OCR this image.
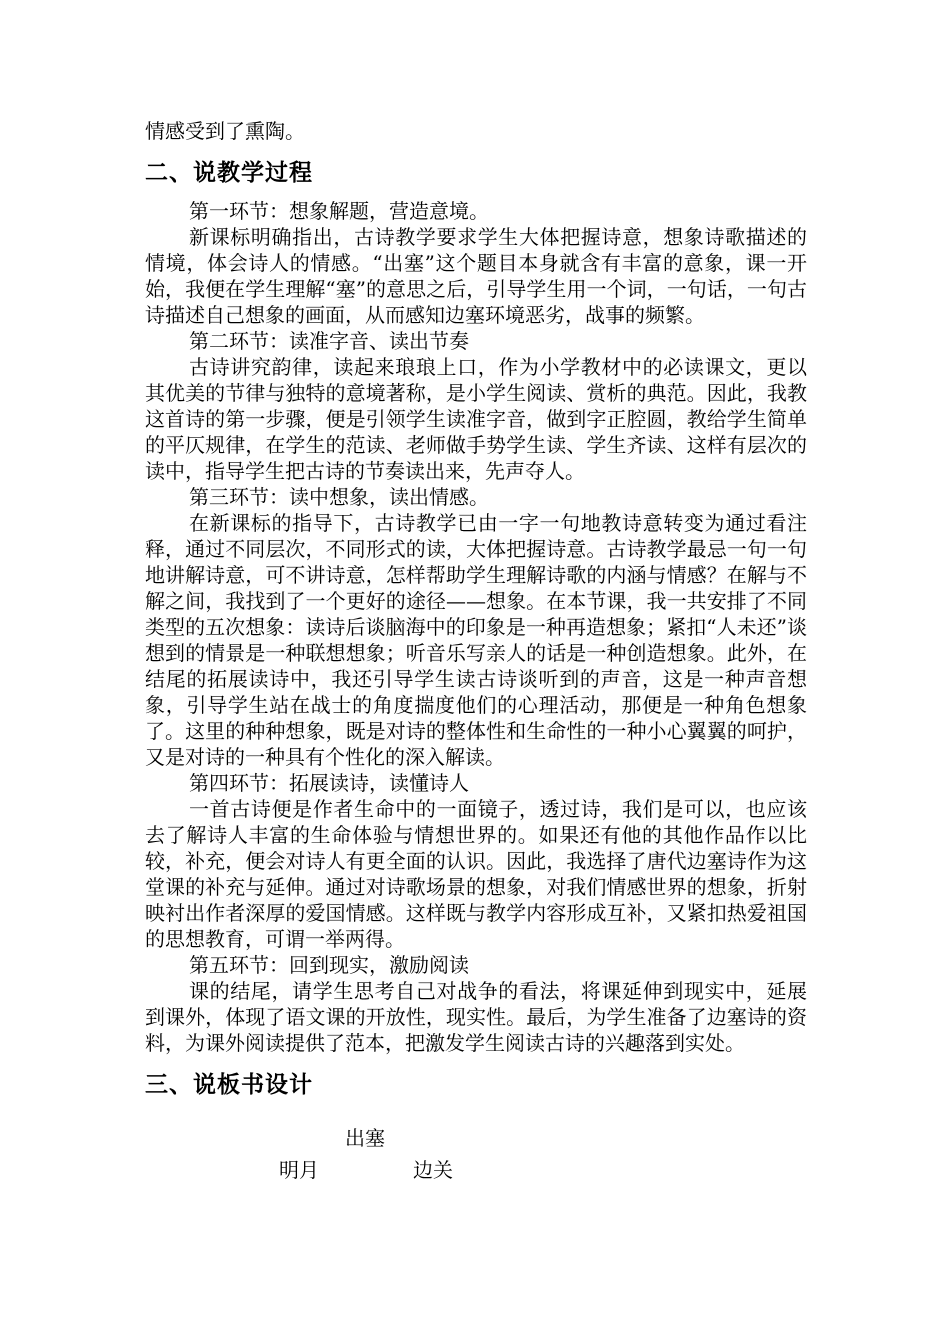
情感受到了熏陶。

二、说教学过程

第一环节：想象解题，营造意境。

新课标明确指出，古诗教学要求学生大体把握诗意，想象诗歌描述的情境，体会诗人的情感。“出塞”这个题目本身就含有丰富的意象，课一开始，我便在学生理解“塞”的意思之后，引导学生用一个词，一句话，一句古诗描述自己想象的画面，从而感知边塞环境恶劣，战事的频繁。

第二环节：读准字音、读出节奏

古诗讲究韵律，读起来琅琅上口，作为小学教材中的必读课文，更以其优美的节律与独特的意境著称，是小学生阅读、赏析的典范。因此，我教这首诗的第一步骤，便是引领学生读准字音，做到字正腔圆，教给学生简单的平仄规律，在学生的范读、老师做手势学生读、学生齐读、这样有层次的读中，指导学生把古诗的节奏读出来，先声夺人。

第三环节：读中想象，读出情感。

在新课标的指导下，古诗教学已由一字一句地教诗意转变为通过看注释，通过不同层次，不同形式的读，大体把握诗意。古诗教学最忌一句一句地讲解诗意，可不讲诗意，怎样帮助学生理解诗歌的内涵与情感？在解与不解之间，我找到了一个更好的途径——想象。在本节课，我一共安排了不同类型的五次想象：读诗后谈脑海中的印象是一种再造想象；紧扣“人未还”谈想到的情景是一种联想想象；听音乐写亲人的话是一种创造想象。此外，在结尾的拓展读诗中，我还引导学生读古诗谈听到的声音，这是一种声音想象，引导学生站在战士的角度揣度他们的心理活动，那便是一种角色想象了。这里的种种想象，既是对诗的整体性和生命性的一种小心翼翼的呵护，又是对诗的一种具有个性化的深入解读。

第四环节：拓展读诗，读懂诗人

一首古诗便是作者生命中的一面镜子，透过诗，我们是可以，也应该去了解诗人丰富的生命体验与情想世界的。如果还有他的其他作品作以比较，补充，便会对诗人有更全面的认识。因此，我选择了唐代边塞诗作为这堂课的补充与延伸。通过对诗歌场景的想象，对我们情感世界的想象，折射映衬出作者深厚的爱国情感。这样既与教学内容形成互补，又紧扣热爱祖国的思想教育，可谓一举两得。

第五环节：回到现实，激励阅读

课的结尾，请学生思考自己对战争的看法，将课延伸到现实中，延展到课外，体现了语文课的开放性，现实性。最后，为学生准备了边塞诗的资料，为课外阅读提供了范本，把激发学生阅读古诗的兴趣落到实处。

三、说板书设计
出塞
明月	边关
